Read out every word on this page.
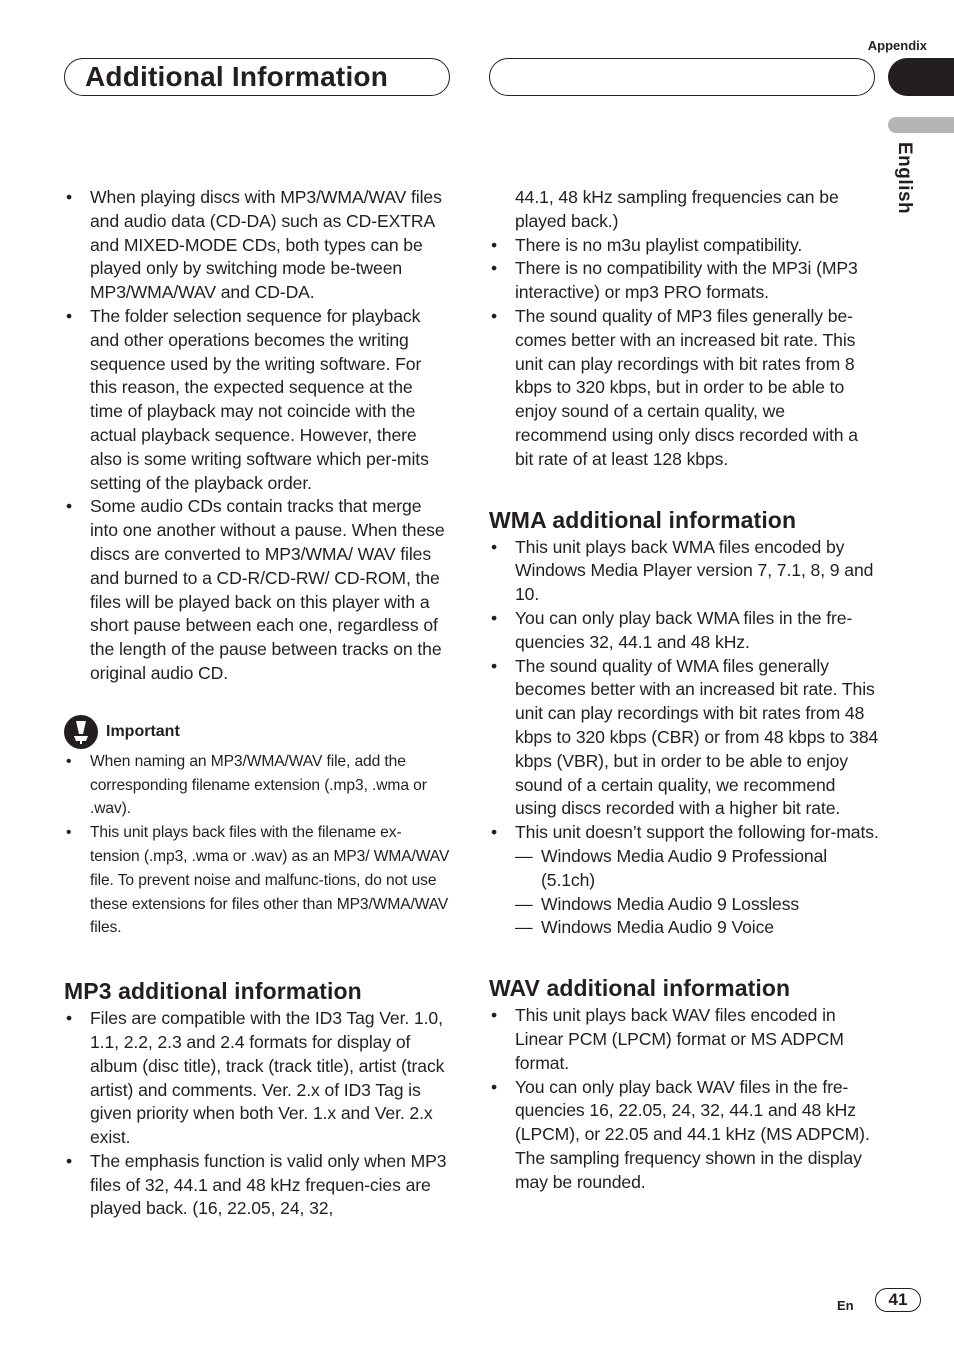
Appendix
Additional Information
English
• When playing discs with MP3/WMA/WAV files and audio data (CD-DA) such as CD-EXTRA and MIXED-MODE CDs, both types can be played only by switching mode be-tween MP3/WMA/WAV and CD-DA.
• The folder selection sequence for playback and other operations becomes the writing sequence used by the writing software. For this reason, the expected sequence at the time of playback may not coincide with the actual playback sequence. However, there also is some writing software which per-mits setting of the playback order.
• Some audio CDs contain tracks that merge into one another without a pause. When these discs are converted to MP3/WMA/ WAV files and burned to a CD-R/CD-RW/ CD-ROM, the files will be played back on this player with a short pause between each one, regardless of the length of the pause between tracks on the original audio CD.
Important
• When naming an MP3/WMA/WAV file, add the corresponding filename extension (.mp3, .wma or .wav).
• This unit plays back files with the filename ex-tension (.mp3, .wma or .wav) as an MP3/ WMA/WAV file. To prevent noise and malfunc-tions, do not use these extensions for files other than MP3/WMA/WAV files.
MP3 additional information
• Files are compatible with the ID3 Tag Ver. 1.0, 1.1, 2.2, 2.3 and 2.4 formats for display of album (disc title), track (track title), artist (track artist) and comments. Ver. 2.x of ID3 Tag is given priority when both Ver. 1.x and Ver. 2.x exist.
• The emphasis function is valid only when MP3 files of 32, 44.1 and 48 kHz frequen-cies are played back. (16, 22.05, 24, 32,
44.1, 48 kHz sampling frequencies can be played back.)
• There is no m3u playlist compatibility.
• There is no compatibility with the MP3i (MP3 interactive) or mp3 PRO formats.
• The sound quality of MP3 files generally be-comes better with an increased bit rate. This unit can play recordings with bit rates from 8 kbps to 320 kbps, but in order to be able to enjoy sound of a certain quality, we recommend using only discs recorded with a bit rate of at least 128 kbps.
WMA additional information
• This unit plays back WMA files encoded by Windows Media Player version 7, 7.1, 8, 9 and 10.
• You can only play back WMA files in the fre-quencies 32, 44.1 and 48 kHz.
• The sound quality of WMA files generally becomes better with an increased bit rate. This unit can play recordings with bit rates from 48 kbps to 320 kbps (CBR) or from 48 kbps to 384 kbps (VBR), but in order to be able to enjoy sound of a certain quality, we recommend using discs recorded with a higher bit rate.
• This unit doesn’t support the following for-mats.
— Windows Media Audio 9 Professional (5.1ch)
— Windows Media Audio 9 Lossless
— Windows Media Audio 9 Voice
WAV additional information
• This unit plays back WAV files encoded in Linear PCM (LPCM) format or MS ADPCM format.
• You can only play back WAV files in the fre-quencies 16, 22.05, 24, 32, 44.1 and 48 kHz (LPCM), or 22.05 and 44.1 kHz (MS ADPCM). The sampling frequency shown in the display may be rounded.
En	41
